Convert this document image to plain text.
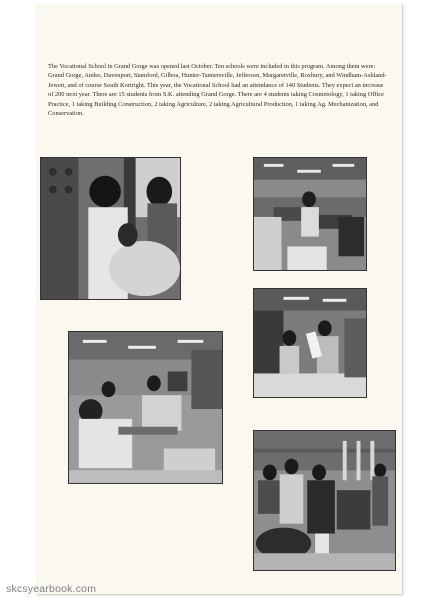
The Vocational School in Grand Gorge was opened last October. Ten schools were included in this program. Among them were: Grand Gorge, Andes, Davenport, Stamford, Gilboa, Hunter-Tannersville, Jefferson, Margaretville, Roxbury, and Windham-Ashland-Jewett, and of course South Kortright. This year, the Vocational School had an attendance of 140 Students. They expect an increase of 200 next year. There are 15 students from S.K. attending Grand Gorge. There are 4 students taking Cosmetology, 1 taking Office Practice, 1 taking Building Construction, 2 taking Agriculture, 2 taking Agricultural Production, 1 taking Ag. Mechanization, and Conservation.

skcsyearbook.com
